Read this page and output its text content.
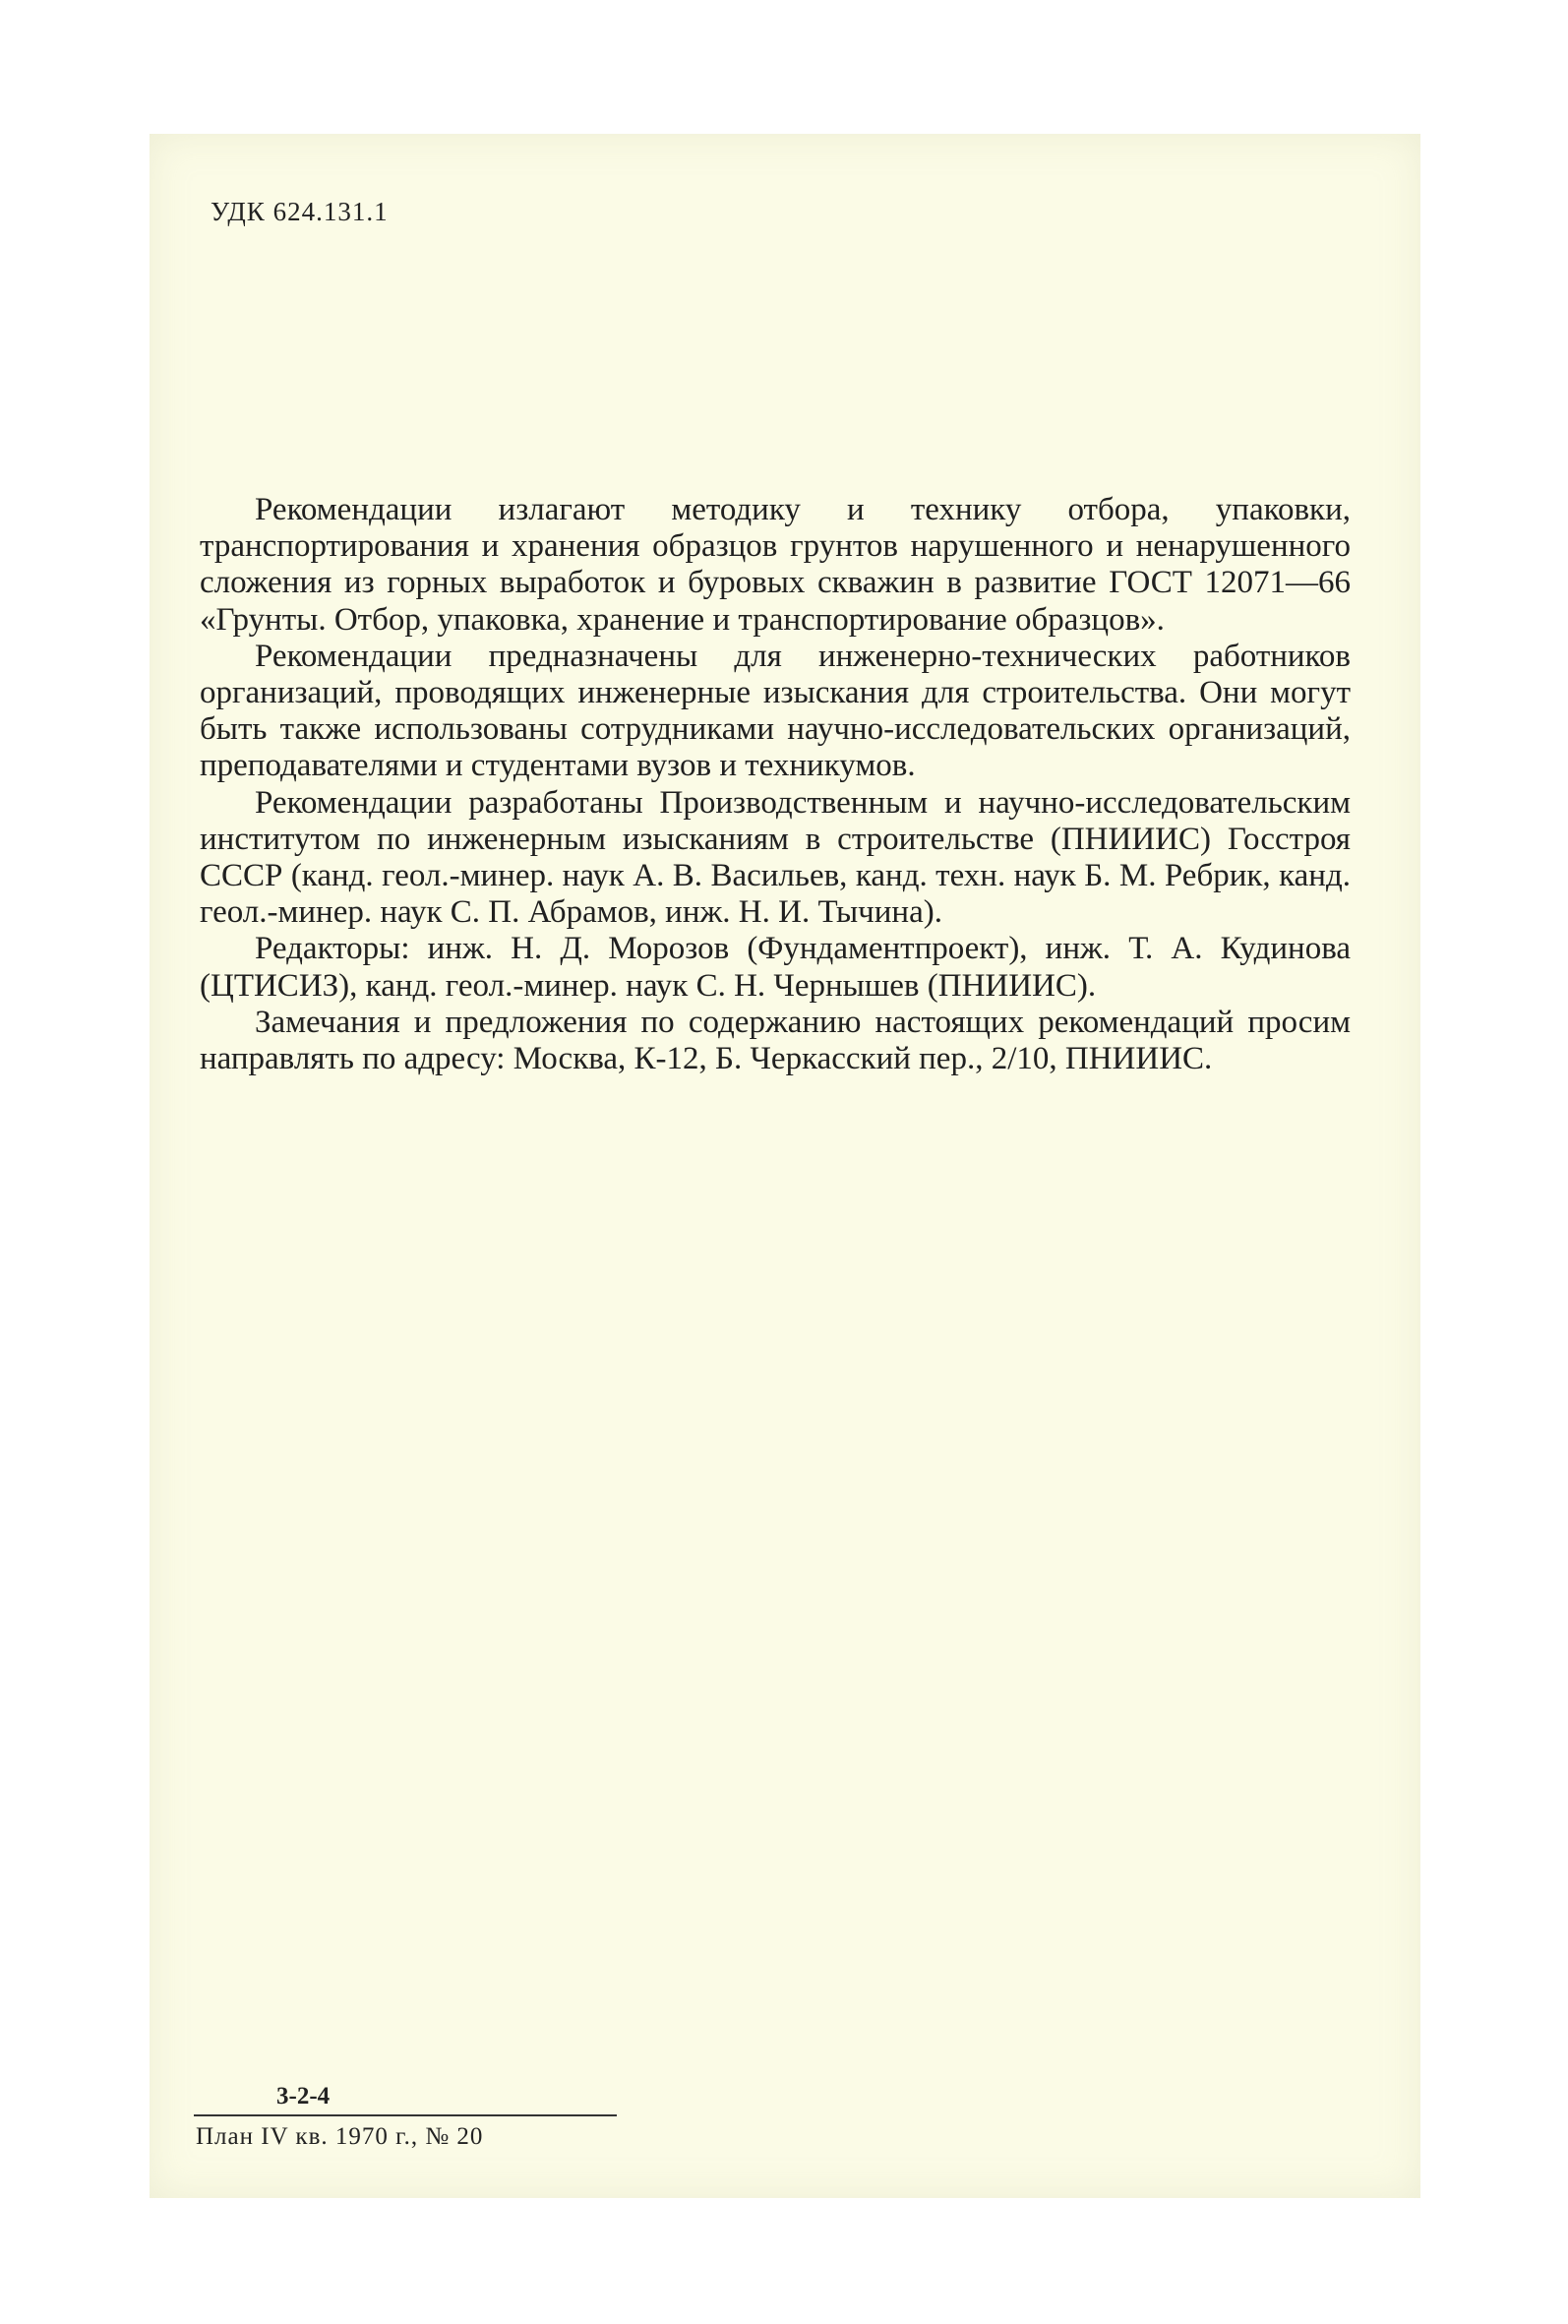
УДК 624.131.1

Рекомендации излагают методику и технику отбора, упаковки, транспортирования и хранения образцов грунтов нарушенного и ненарушенного сложения из горных выработок и буровых скважин в развитие ГОСТ 12071—66 «Грунты. Отбор, упаковка, хранение и транспортирование образцов».

Рекомендации предназначены для инженерно-технических работников организаций, проводящих инженерные изыскания для строительства. Они могут быть также использованы сотрудниками научно-исследовательских организаций, преподавателями и студентами вузов и техникумов.

Рекомендации разработаны Производственным и научно-исследовательским институтом по инженерным изысканиям в строительстве (ПНИИИС) Госстроя СССР (канд. геол.-минер. наук А. В. Васильев, канд. техн. наук Б. М. Ребрик, канд. геол.-минер. наук С. П. Абрамов, инж. Н. И. Тычина).

Редакторы: инж. Н. Д. Морозов (Фундаментпроект), инж. Т. А. Кудинова (ЦТИСИЗ), канд. геол.-минер. наук С. Н. Чернышев (ПНИИИС).

Замечания и предложения по содержанию настоящих рекомендаций просим направлять по адресу: Москва, К-12, Б. Черкасский пер., 2/10, ПНИИИС.

3-2-4
План IV кв. 1970 г., № 20
